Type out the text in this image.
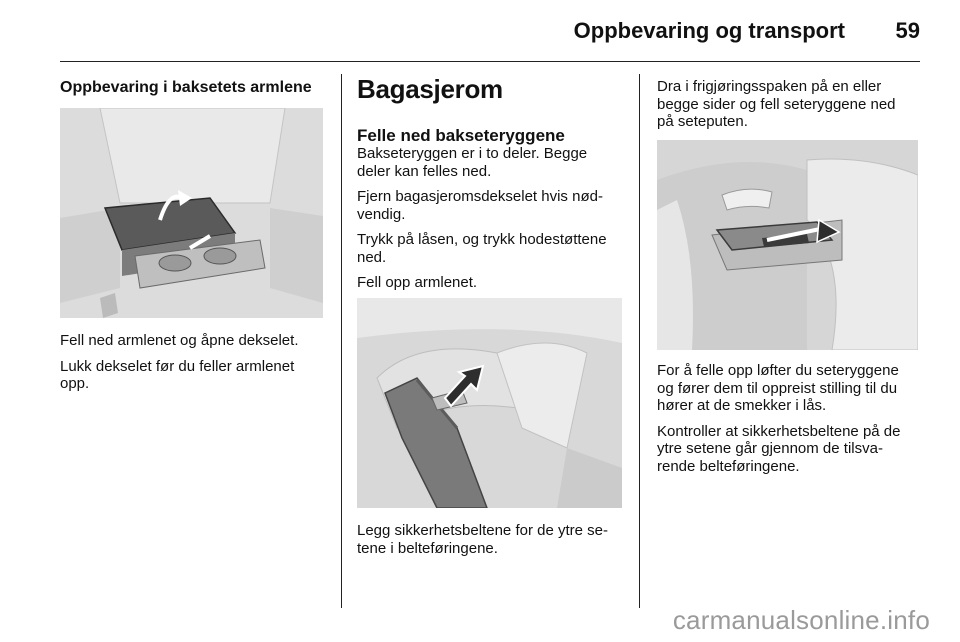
Oppbevaring og transport 59
Oppbevaring i baksetets armlene

Fell ned armlenet og åpne dekselet.

Lukk dekselet før du feller armlenet
opp.

Bagasjerom
Felle ned bakseteryggene

Bakseteryggen er i to deler. Begge
deler kan felles ned.

Fjern bagasjeromsdekselet hvis nød-
vendig.

Trykk på låsen, og trykk hodestøttene
ned.

Fell opp armlenet.

Legg sikkerhetsbeltene for de ytre se-
tene i belteføringene.

Dra i frigjøringsspaken på en eller
begge sider og fell seteryggene ned
på seteputen.

For å felle opp løfter du seteryggene
og fører dem til oppreist stilling til du
hører at de smekker i lås.

Kontroller at sikkerhetsbeltene på de
ytre setene går gjennom de tilsva-
rende belteføringene.

carmanualsonline.info
